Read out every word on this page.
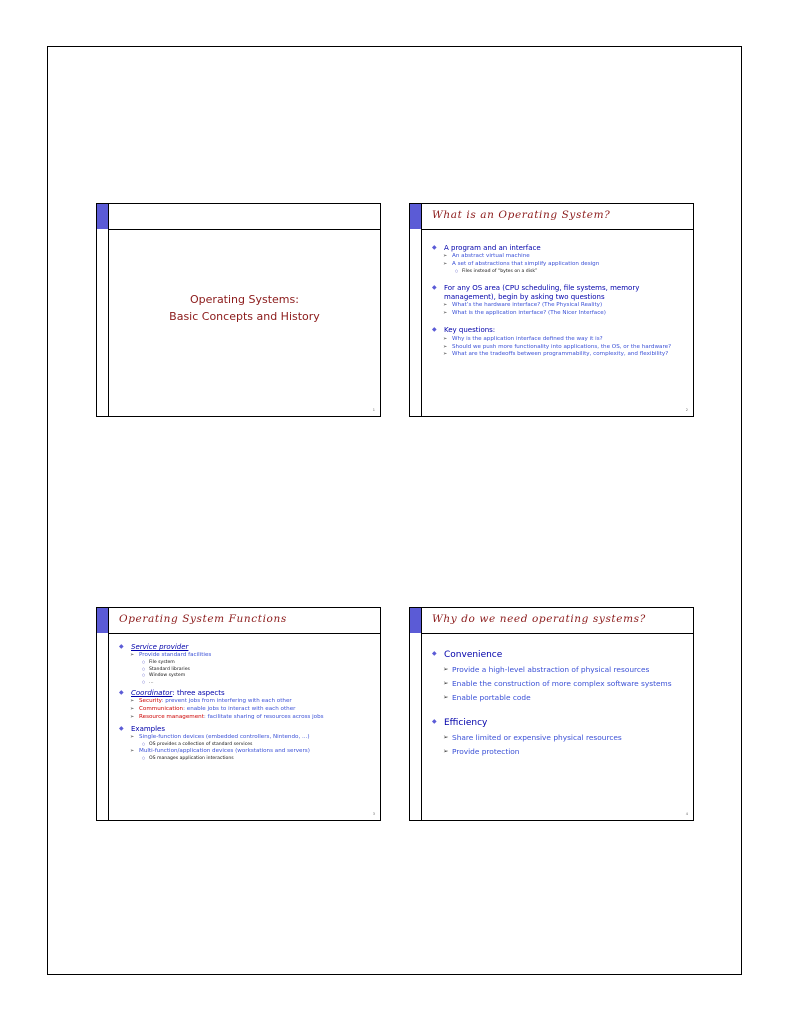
Operating Systems:
Basic Concepts and History
1
What is an Operating System?
◆ A program and an interface
➢ An abstract virtual machine
➢ A set of abstractions that simplify application design
○ Files instead of “bytes on a disk”
◆ For any OS area (CPU scheduling, file systems, memory management), begin by asking two questions
➢ What’s the hardware interface? (The Physical Reality)
➢ What is the application interface? (The Nicer Interface)
◆ Key questions:
➢ Why is the application interface defined the way it is?
➢ Should we push more functionality into applications, the OS, or the hardware?
➢ What are the tradeoffs between programmability, complexity, and flexibility?
2
Operating System Functions
◆ Service provider
➢ Provide standard facilities
○ File system
○ Standard libraries
○ Window system
○ …
◆ Coordinator: three aspects
➢ Security: prevent jobs from interfering with each other
➢ Communication: enable jobs to interact with each other
➢ Resource management: facilitate sharing of resources across jobs
◆ Examples
➢ Single-function devices (embedded controllers, Nintendo, ...)
○ OS provides a collection of standard services
➢ Multi-function/application devices (workstations and servers)
○ OS manages application interactions
3
Why do we need operating systems?
◆ Convenience
➢ Provide a high-level abstraction of physical resources
➢ Enable the construction of more complex software systems
➢ Enable portable code
◆ Efficiency
➢ Share limited or expensive physical resources
➢ Provide protection
4
